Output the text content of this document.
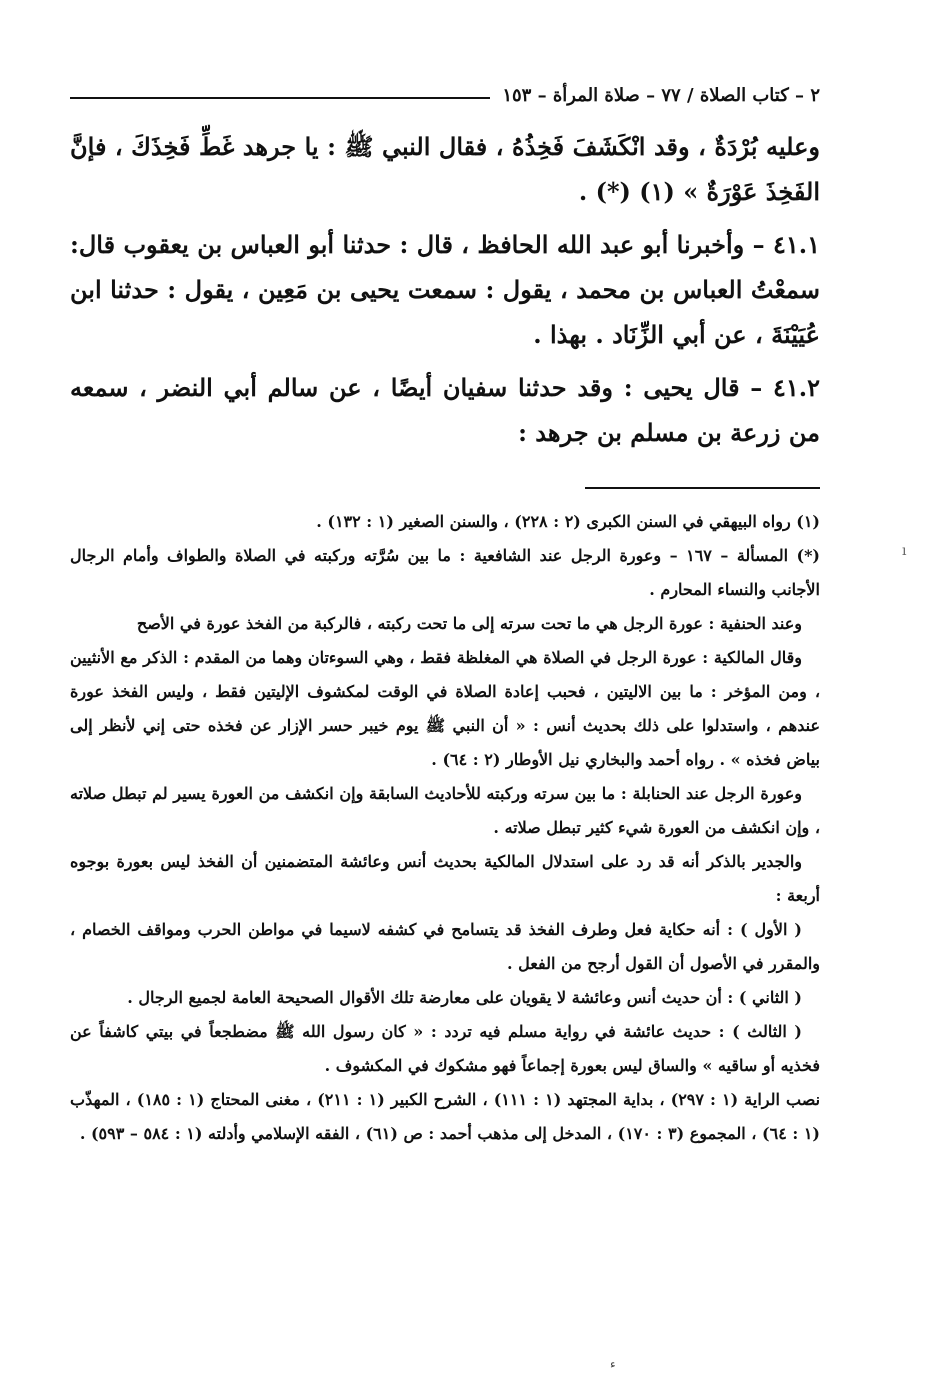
٢ – كتاب الصلاة / ٧٧ – صلاة المرأة – ١٥٣

وعليه بُرْدَةٌ ، وقد انْكَشَفَ فَخِذُهُ ، فقال النبي ﷺ : يا جرهد غَطِّ فَخِذَكَ ، فإنَّ الفَخِذَ عَوْرَةٌ » (١) (*) .

٤١.١ – وأخبرنا أبو عبد الله الحافظ ، قال : حدثنا أبو العباس بن يعقوب قال: سمعْتُ العباس بن محمد ، يقول : سمعت يحيى بن مَعِين ، يقول : حدثنا ابن عُيَيْنَةَ ، عن أبي الزِّنَاد . بهذا .

٤١.٢ – قال يحيى : وقد حدثنا سفيان أيضًا ، عن سالم أبي النضر ، سمعه من زرعة بن مسلم بن جرهد :

(١) رواه البيهقي في السنن الكبرى (٢ : ٢٢٨) ، والسنن الصغير (١ : ١٣٢) .

(*) المسألة – ١٦٧ – وعورة الرجل عند الشافعية : ما بين سُرَّته وركبته في الصلاة والطواف وأمام الرجال الأجانب والنساء المحارم .

وعند الحنفية : عورة الرجل هي ما تحت سرته إلى ما تحت ركبته ، فالركبة من الفخذ عورة في الأصح

وقال المالكية : عورة الرجل في الصلاة هي المغلظة فقط ، وهي السوءتان وهما من المقدم : الذكر مع الأنثيين ، ومن المؤخر : ما بين الاليتين ، فحبب إعادة الصلاة في الوقت لمكشوف الإليتين فقط ، وليس الفخذ عورة عندهم ، واستدلوا على ذلك بحديث أنس : « أن النبي ﷺ يوم خيبر حسر الإزار عن فخذه حتى إني لأنظر إلى بياض فخذه » . رواه أحمد والبخاري نيل الأوطار (٢ : ٦٤) .

وعورة الرجل عند الحنابلة : ما بين سرته وركبته للأحاديث السابقة وإن انكشف من العورة يسير لم تبطل صلاته ، وإن انكشف من العورة شيء كثير تبطل صلاته .

والجدير بالذكر أنه قد رد على استدلال المالكية بحديث أنس وعائشة المتضمنين أن الفخذ ليس بعورة بوجوه أربعة :

( الأول ) : أنه حكاية فعل وطرف الفخذ قد يتسامح في كشفه لاسيما في مواطن الحرب ومواقف الخصام ، والمقرر في الأصول أن القول أرجح من الفعل .

( الثاني ) : أن حديث أنس وعائشة لا يقويان على معارضة تلك الأقوال الصحيحة العامة لجميع الرجال .

( الثالث ) : حديث عائشة في رواية مسلم فيه تردد : « كان رسول الله ﷺ مضطجعاً في بيتي كاشفاً عن فخذيه أو ساقيه » والساق ليس بعورة إجماعاً فهو مشكوك في المكشوف .

نصب الراية (١ : ٢٩٧) ، بداية المجتهد (١ : ١١١) ، الشرح الكبير (١ : ٢١١) ، مغنى المحتاج (١ : ١٨٥) ، المهذّب (١ : ٦٤) ، المجموع (٣ : ١٧٠) ، المدخل إلى مذهب أحمد : ص (٦١) ، الفقه الإسلامي وأدلته (١ : ٥٨٤ – ٥٩٣) .

ı
ء
